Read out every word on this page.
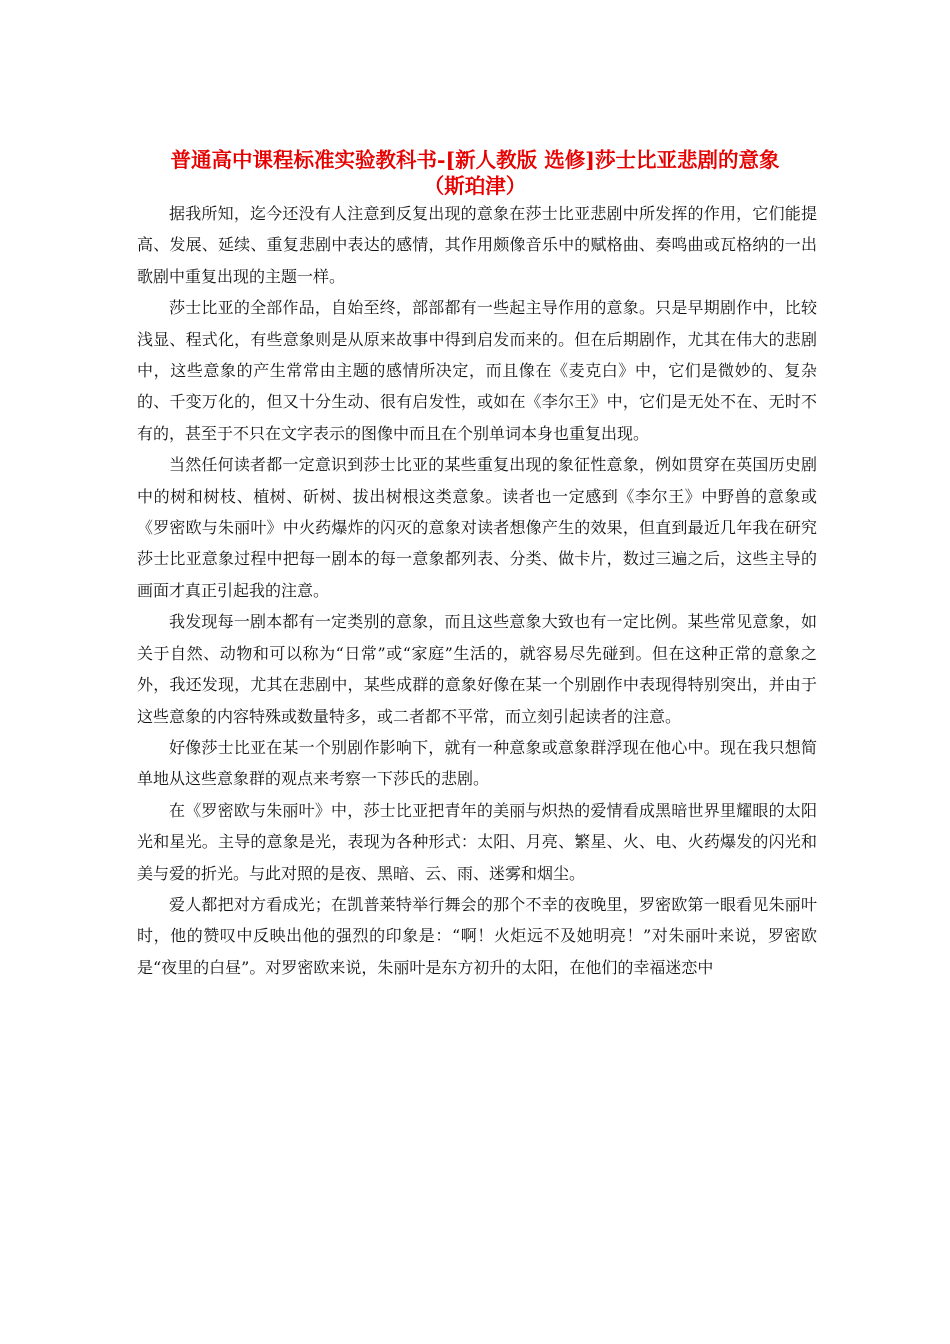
普通高中课程标准实验教科书-[新人教版 选修]莎士比亚悲剧的意象
（斯珀津）

据我所知，迄今还没有人注意到反复出现的意象在莎士比亚悲剧中所发挥的作用，它们能提高、发展、延续、重复悲剧中表达的感情，其作用颇像音乐中的赋格曲、奏鸣曲或瓦格纳的一出歌剧中重复出现的主题一样。

莎士比亚的全部作品，自始至终，部部都有一些起主导作用的意象。只是早期剧作中，比较浅显、程式化，有些意象则是从原来故事中得到启发而来的。但在后期剧作，尤其在伟大的悲剧中，这些意象的产生常常由主题的感情所决定，而且像在《麦克白》中，它们是微妙的、复杂的、千变万化的，但又十分生动、很有启发性，或如在《李尔王》中，它们是无处不在、无时不有的，甚至于不只在文字表示的图像中而且在个别单词本身也重复出现。

当然任何读者都一定意识到莎士比亚的某些重复出现的象征性意象，例如贯穿在英国历史剧中的树和树枝、植树、斫树、拔出树根这类意象。读者也一定感到《李尔王》中野兽的意象或《罗密欧与朱丽叶》中火药爆炸的闪灭的意象对读者想像产生的效果，但直到最近几年我在研究莎士比亚意象过程中把每一剧本的每一意象都列表、分类、做卡片，数过三遍之后，这些主导的画面才真正引起我的注意。

我发现每一剧本都有一定类别的意象，而且这些意象大致也有一定比例。某些常见意象，如关于自然、动物和可以称为“日常”或“家庭”生活的，就容易尽先碰到。但在这种正常的意象之外，我还发现，尤其在悲剧中，某些成群的意象好像在某一个别剧作中表现得特别突出，并由于这些意象的内容特殊或数量特多，或二者都不平常，而立刻引起读者的注意。

好像莎士比亚在某一个别剧作影响下，就有一种意象或意象群浮现在他心中。现在我只想简单地从这些意象群的观点来考察一下莎氏的悲剧。

在《罗密欧与朱丽叶》中，莎士比亚把青年的美丽与炽热的爱情看成黑暗世界里耀眼的太阳光和星光。主导的意象是光，表现为各种形式：太阳、月亮、繁星、火、电、火药爆发的闪光和美与爱的折光。与此对照的是夜、黑暗、云、雨、迷雾和烟尘。

爱人都把对方看成光；在凯普莱特举行舞会的那个不幸的夜晚里，罗密欧第一眼看见朱丽叶时，他的赞叹中反映出他的强烈的印象是：“啊！火炬远不及她明亮！”对朱丽叶来说，罗密欧是“夜里的白昼”。对罗密欧来说，朱丽叶是东方初升的太阳，在他们的幸福迷恋中
